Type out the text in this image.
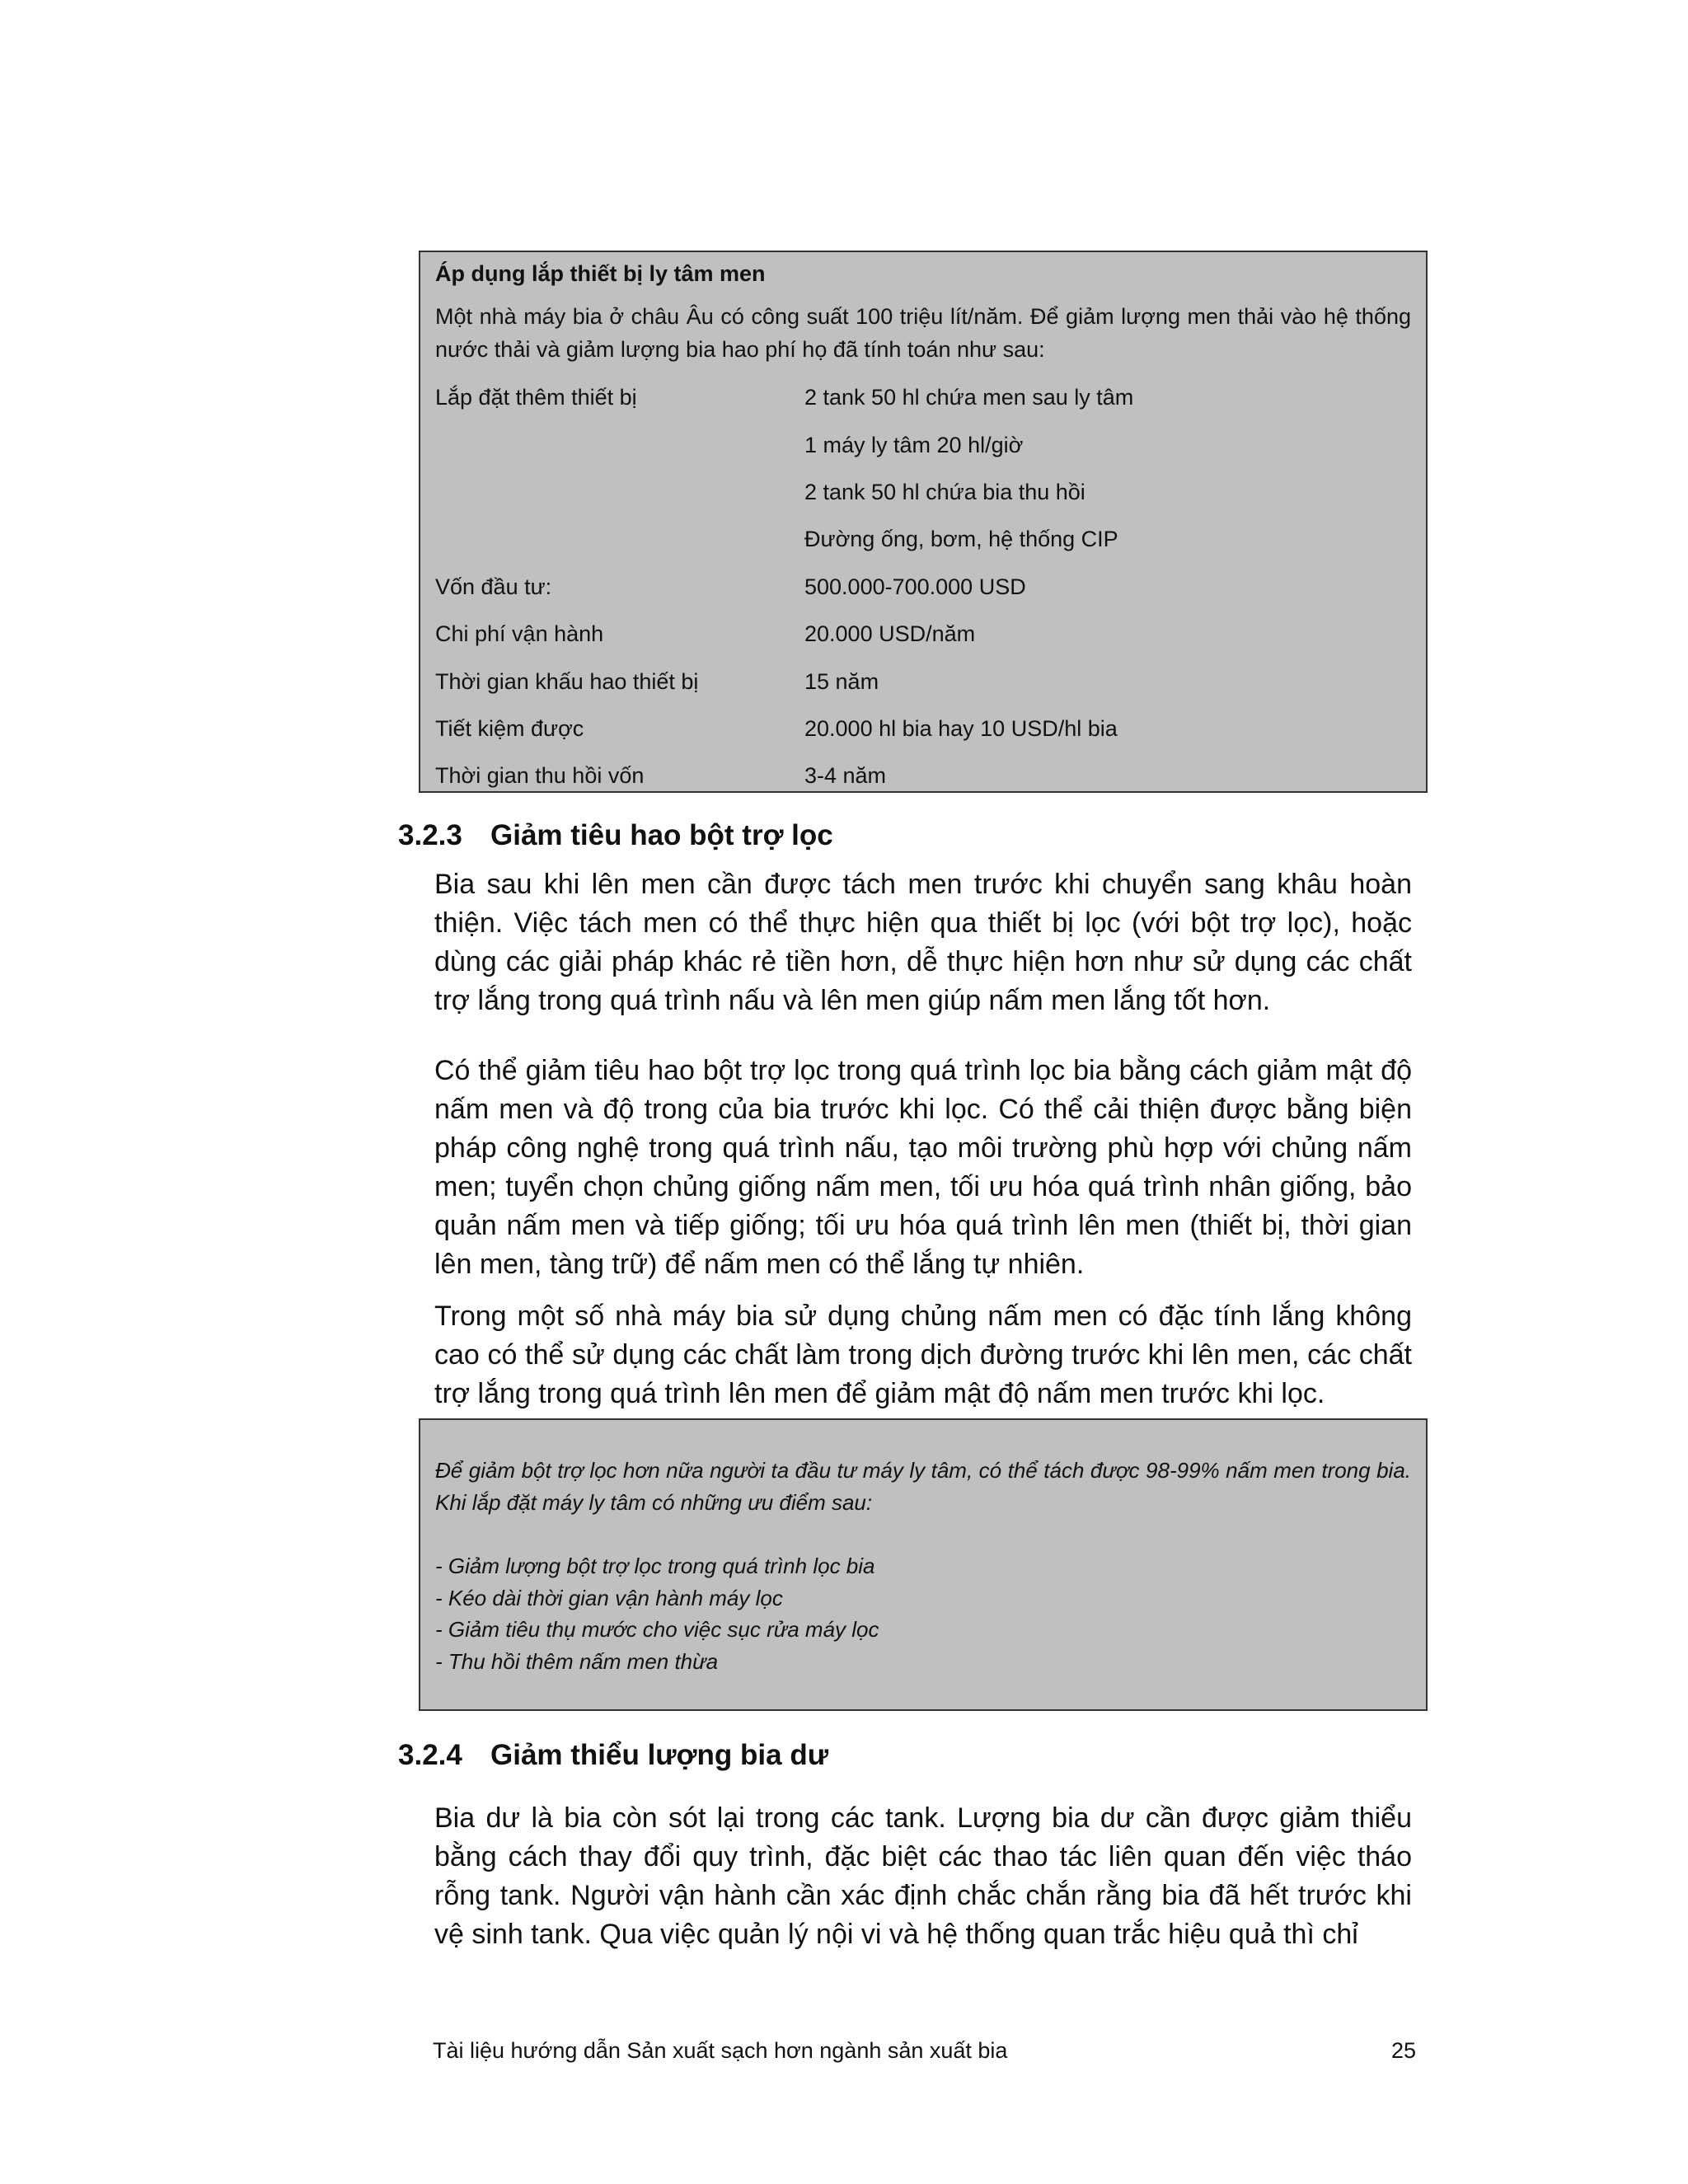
Áp dụng lắp thiết bị ly tâm men

Một nhà máy bia ở châu Âu có công suất 100 triệu lít/năm. Để giảm lượng men thải vào hệ thống nước thải và giảm lượng bia hao phí họ đã tính toán như sau:

Lắp đặt thêm thiết bị	2 tank 50 hl chứa men sau ly tâm
1 máy ly tâm 20 hl/giờ
2 tank 50 hl chứa bia thu hồi
Đường ống, bơm, hệ thống CIP
Vốn đầu tư:	500.000-700.000 USD
Chi phí vận hành	20.000 USD/năm
Thời gian khấu hao thiết bị	15 năm
Tiết kiệm được	20.000 hl bia hay 10 USD/hl bia
Thời gian thu hồi vốn	3-4 năm
3.2.3 Giảm tiêu hao bột trợ lọc

Bia sau khi lên men cần được tách men trước khi chuyển sang khâu hoàn thiện. Việc tách men có thể thực hiện qua thiết bị lọc (với bột trợ lọc), hoặc dùng các giải pháp khác rẻ tiền hơn, dễ thực hiện hơn như sử dụng các chất trợ lắng trong quá trình nấu và lên men giúp nấm men lắng tốt hơn.

Có thể giảm tiêu hao bột trợ lọc trong quá trình lọc bia bằng cách giảm mật độ nấm men và độ trong của bia trước khi lọc. Có thể cải thiện được bằng biện pháp công nghệ trong quá trình nấu, tạo môi trường phù hợp với chủng nấm men; tuyển chọn chủng giống nấm men, tối ưu hóa quá trình nhân giống, bảo quản nấm men và tiếp giống; tối ưu hóa quá trình lên men (thiết bị, thời gian lên men, tàng trữ) để nấm men có thể lắng tự nhiên.

Trong một số nhà máy bia sử dụng chủng nấm men có đặc tính lắng không cao có thể sử dụng các chất làm trong dịch đường trước khi lên men, các chất trợ lắng trong quá trình lên men để giảm mật độ nấm men trước khi lọc.

Để giảm bột trợ lọc hơn nữa người ta đầu tư máy ly tâm, có thể tách được 98-99% nấm men trong bia. Khi lắp đặt máy ly tâm có những ưu điểm sau:

- Giảm lượng bột trợ lọc trong quá trình lọc bia
- Kéo dài thời gian vận hành máy lọc
- Giảm tiêu thụ mước cho việc sục rửa máy lọc
- Thu hồi thêm nấm men thừa
3.2.4 Giảm thiểu lượng bia dư

Bia dư là bia còn sót lại trong các tank. Lượng bia dư cần được giảm thiểu bằng cách thay đổi quy trình, đặc biệt các thao tác liên quan đến việc tháo rỗng tank. Người vận hành cần xác định chắc chắn rằng bia đã hết trước khi vệ sinh tank. Qua việc quản lý nội vi và hệ thống quan trắc hiệu quả thì chỉ

Tài liệu hướng dẫn Sản xuất sạch hơn ngành sản xuất bia	25
